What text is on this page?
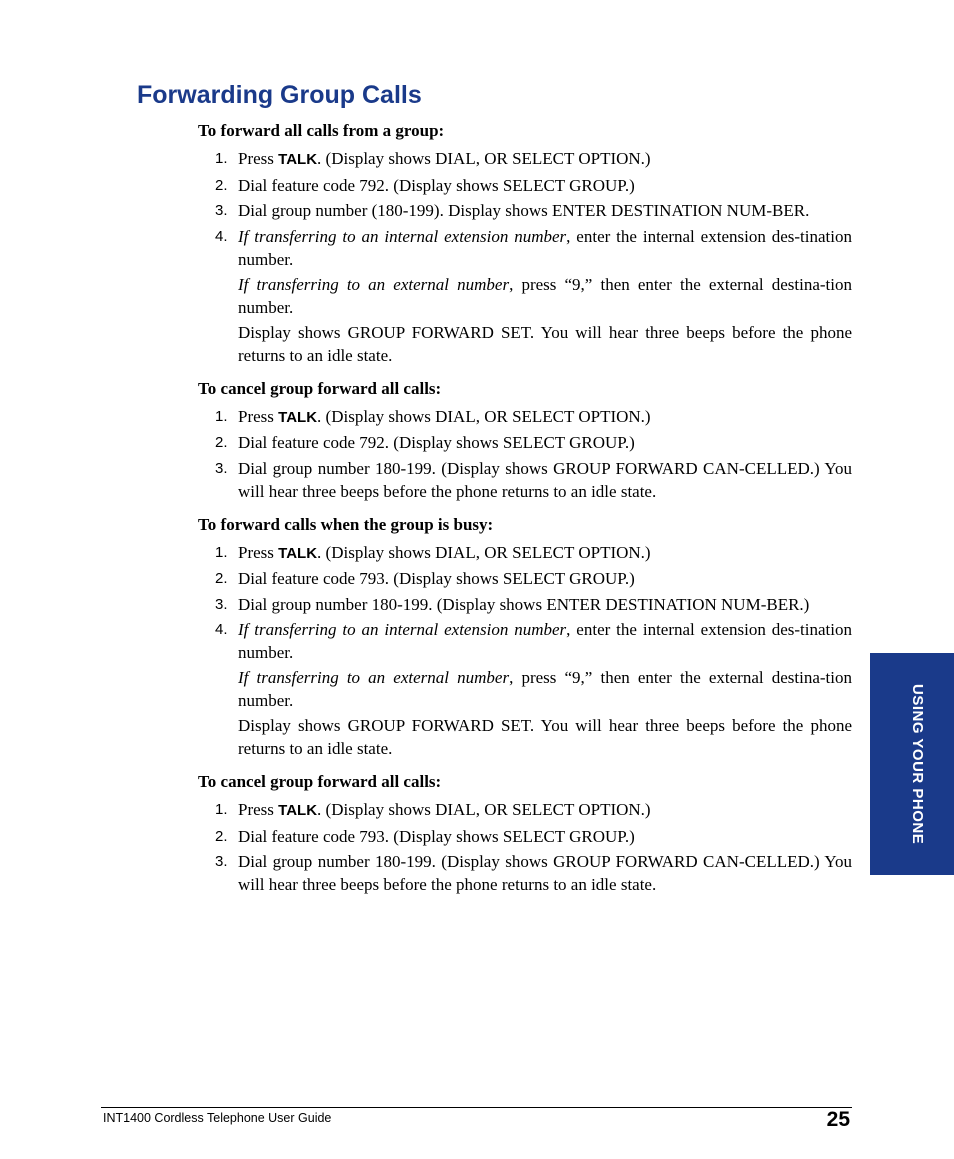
Forwarding Group Calls
To forward all calls from a group:
1. Press TALK. (Display shows DIAL, OR SELECT OPTION.)

2. Dial feature code 792. (Display shows SELECT GROUP.)

3. Dial group number (180-199). Display shows ENTER DESTINATION NUM-BER.

4. If transferring to an internal extension number, enter the internal extension des-tination number.

If transferring to an external number, press “9,” then enter the external destina-tion number.

Display shows GROUP FORWARD SET. You will hear three beeps before the phone returns to an idle state.

To cancel group forward all calls:
1. Press TALK. (Display shows DIAL, OR SELECT OPTION.)

2. Dial feature code 792. (Display shows SELECT GROUP.)

3. Dial group number 180-199. (Display shows GROUP FORWARD CAN-CELLED.) You will hear three beeps before the phone returns to an idle state.

To forward calls when the group is busy:
1. Press TALK. (Display shows DIAL, OR SELECT OPTION.)

2. Dial feature code 793. (Display shows SELECT GROUP.)

3. Dial group number 180-199. (Display shows ENTER DESTINATION NUM-BER.)

4. If transferring to an internal extension number, enter the internal extension des-tination number.

If transferring to an external number, press “9,” then enter the external destina-tion number.

Display shows GROUP FORWARD SET. You will hear three beeps before the phone returns to an idle state.

To cancel group forward all calls:
1. Press TALK. (Display shows DIAL, OR SELECT OPTION.)

2. Dial feature code 793. (Display shows SELECT GROUP.)

3. Dial group number 180-199. (Display shows GROUP FORWARD CAN-CELLED.) You will hear three beeps before the phone returns to an idle state.

USING YOUR PHONE
INT1400 Cordless Telephone User Guide	25
